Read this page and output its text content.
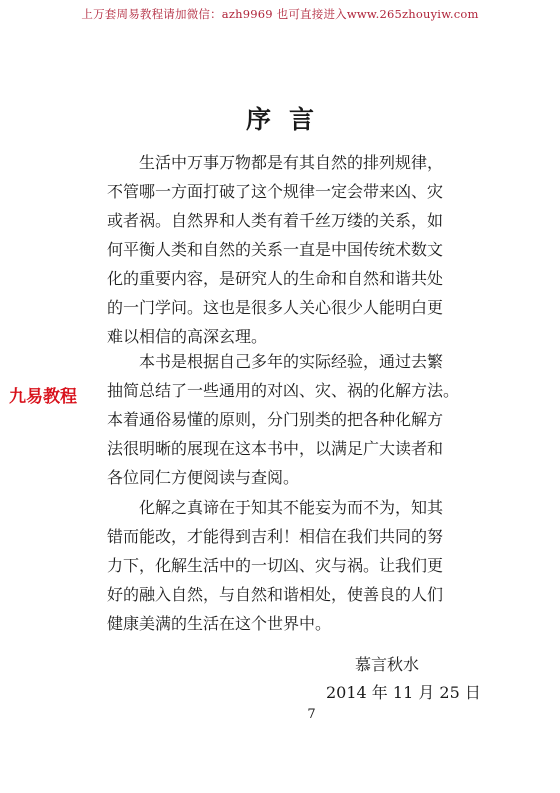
上万套周易教程请加微信：azh9969 也可直接进入www.265zhouyiw.com
序言
生活中万事万物都是有其自然的排列规律，
不管哪一方面打破了这个规律一定会带来凶、灾
或者祸。自然界和人类有着千丝万缕的关系，如
何平衡人类和自然的关系一直是中国传统术数文
化的重要内容，是研究人的生命和自然和谐共处
的一门学问。这也是很多人关心很少人能明白更
难以相信的高深玄理。
九易教程
本书是根据自己多年的实际经验，通过去繁
抽简总结了一些通用的对凶、灾、祸的化解方法。
本着通俗易懂的原则，分门别类的把各种化解方
法很明晰的展现在这本书中，以满足广大读者和
各位同仁方便阅读与查阅。
化解之真谛在于知其不能妄为而不为，知其
错而能改，才能得到吉利！相信在我们共同的努
力下，化解生活中的一切凶、灾与祸。让我们更
好的融入自然，与自然和谐相处，使善良的人们
健康美满的生活在这个世界中。
慕言秋水
2014 年 11 月 25 日
7
